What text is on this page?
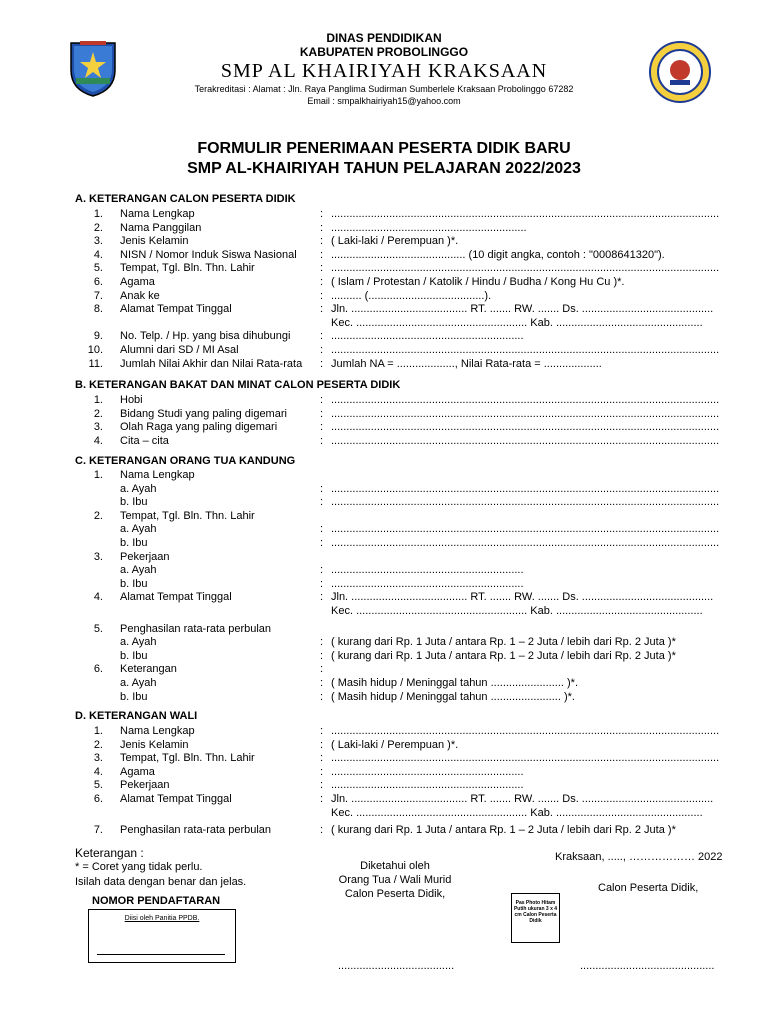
DINAS PENDIDIKAN
KABUPATEN PROBOLINGGO
SMP AL KHAIRIYAH KRAKSAAN
Terakreditasi : Alamat : Jln. Raya Panglima Sudirman Sumberlele Kraksaan Probolinggo 67282
Email : smpalkhairiyah15@yahoo.com
FORMULIR PENERIMAAN PESERTA DIDIK BARU
SMP AL-KHAIRIYAH TAHUN PELAJARAN 2022/2023
A. KETERANGAN CALON PESERTA DIDIK
1. Nama Lengkap	: ...............................................................................................................................
2. Nama Panggilan	: ................................................................
3. Jenis Kelamin	: ( Laki-laki / Perempuan )*.
4. NISN / Nomor Induk Siswa Nasional : ............................................ (10 digit angka, contoh : "0008641320").
5. Tempat, Tgl. Bln. Thn. Lahir	: ...............................................................................................................................
6. Agama	: ( Islam / Protestan / Katolik / Hindu / Budha / Kong Hu Cu )*.
7. Anak ke	: .......... (......................................).
8. Alamat Tempat Tinggal	: Jln. ...................................... RT. ....... RW. ....... Ds. ...........................................
Kec. ........................................................ Kab. ................................................
9. No. Telp. / Hp. yang bisa dihubungi	: ...............................................................
10. Alumni dari SD / MI Asal	: ...............................................................................................................................
11. Jumlah Nilai Akhir dan Nilai Rata-rata : Jumlah NA = ..................., Nilai Rata-rata = ...................
B. KETERANGAN BAKAT DAN MINAT CALON PESERTA DIDIK
1. Hobi	: ...............................................................................................................................
2. Bidang Studi yang paling digemari	: ...............................................................................................................................
3. Olah Raga yang paling digemari	: ...............................................................................................................................
4. Cita – cita	: ...............................................................................................................................
C. KETERANGAN ORANG TUA KANDUNG
1. Nama Lengkap
a. Ayah	: ...............................................................................................................................
b. Ibu	: ...............................................................................................................................
2. Tempat, Tgl. Bln. Thn. Lahir
a. Ayah	: ...............................................................................................................................
b. Ibu	: ...............................................................................................................................
3. Pekerjaan
a. Ayah	: ...............................................................
b. Ibu	: ...............................................................
4. Alamat Tempat Tinggal	: Jln. ...................................... RT. ....... RW. ....... Ds. ...........................................
Kec. ........................................................ Kab. ................................................
5. Penghasilan rata-rata perbulan
a. Ayah	: ( kurang dari Rp. 1 Juta / antara Rp. 1 – 2 Juta / lebih dari Rp. 2 Juta )*
b. Ibu	: ( kurang dari Rp. 1 Juta / antara Rp. 1 – 2 Juta / lebih dari Rp. 2 Juta )*
6. Keterangan	:
a. Ayah	: ( Masih hidup / Meninggal tahun ........................ )*.
b. Ibu	: ( Masih hidup / Meninggal tahun ....................... )*.
D. KETERANGAN WALI
1. Nama Lengkap	: ...............................................................................................................................
2. Jenis Kelamin	: ( Laki-laki / Perempuan )*.
3. Tempat, Tgl. Bln. Thn. Lahir	: ...............................................................................................................................
4. Agama	: ...............................................................
5. Pekerjaan	: ...............................................................
6. Alamat Tempat Tinggal	: Jln. ...................................... RT. ....... RW. ....... Ds. ...........................................
Kec. ........................................................ Kab. ................................................
7. Penghasilan rata-rata perbulan	: ( kurang dari Rp. 1 Juta / antara Rp. 1 – 2 Juta / lebih dari Rp. 2 Juta )*
Keterangan :
* = Coret yang tidak perlu.
Isilah data dengan benar dan jelas.
NOMOR PENDAFTARAN
Diisi oleh Panitia PPDB.
Diketahui oleh
Orang Tua / Wali Murid
Calon Peserta Didik,
......................................
Kraksaan, ....., ……………… 2022
Calon Peserta Didik,
Pas Photo Hitam Putih ukuran 3 x 4 cm Calon Peserta Didik
............................................
